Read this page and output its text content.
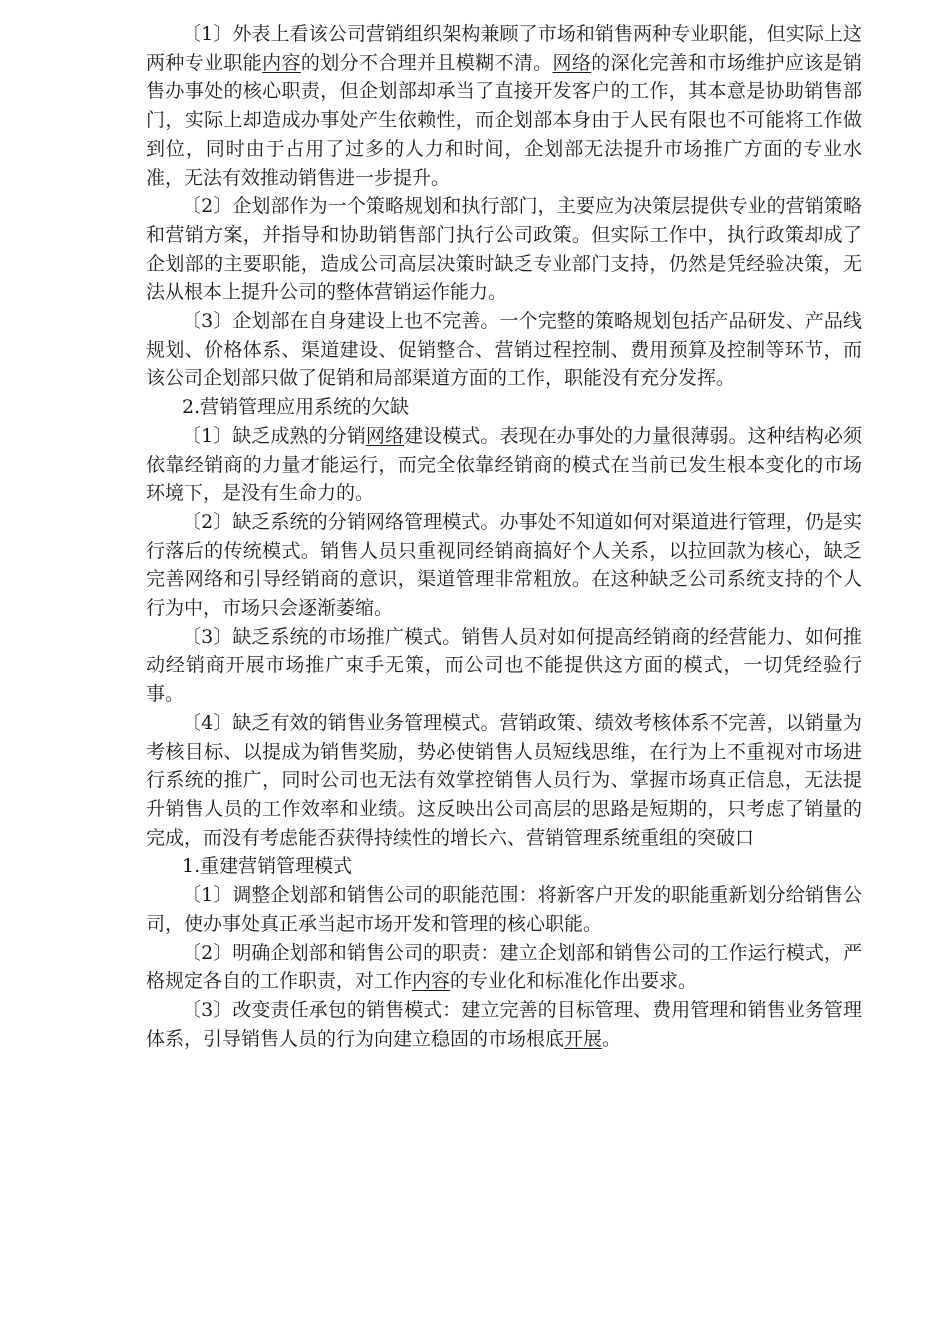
〔1〕外表上看该公司营销组织架构兼顾了市场和销售两种专业职能，但实际上这两种专业职能内容的划分不合理并且模糊不清。网络的深化完善和市场维护应该是销售办事处的核心职责，但企划部却承当了直接开发客户的工作，其本意是协助销售部门，实际上却造成办事处产生依赖性，而企划部本身由于人民有限也不可能将工作做到位，同时由于占用了过多的人力和时间，企划部无法提升市场推广方面的专业水准，无法有效推动销售进一步提升。

〔2〕企划部作为一个策略规划和执行部门，主要应为决策层提供专业的营销策略和营销方案，并指导和协助销售部门执行公司政策。但实际工作中，执行政策却成了企划部的主要职能，造成公司高层决策时缺乏专业部门支持，仍然是凭经验决策，无法从根本上提升公司的整体营销运作能力。

〔3〕企划部在自身建设上也不完善。一个完整的策略规划包括产品研发、产品线规划、价格体系、渠道建设、促销整合、营销过程控制、费用预算及控制等环节，而该公司企划部只做了促销和局部渠道方面的工作，职能没有充分发挥。

2.营销管理应用系统的欠缺

〔1〕缺乏成熟的分销网络建设模式。表现在办事处的力量很薄弱。这种结构必须依靠经销商的力量才能运行，而完全依靠经销商的模式在当前已发生根本变化的市场环境下，是没有生命力的。

〔2〕缺乏系统的分销网络管理模式。办事处不知道如何对渠道进行管理，仍是实行落后的传统模式。销售人员只重视同经销商搞好个人关系，以拉回款为核心，缺乏完善网络和引导经销商的意识，渠道管理非常粗放。在这种缺乏公司系统支持的个人行为中，市场只会逐渐萎缩。

〔3〕缺乏系统的市场推广模式。销售人员对如何提高经销商的经营能力、如何推动经销商开展市场推广束手无策，而公司也不能提供这方面的模式，一切凭经验行事。

〔4〕缺乏有效的销售业务管理模式。营销政策、绩效考核体系不完善，以销量为考核目标、以提成为销售奖励，势必使销售人员短线思维，在行为上不重视对市场进行系统的推广，同时公司也无法有效掌控销售人员行为、掌握市场真正信息，无法提升销售人员的工作效率和业绩。这反映出公司高层的思路是短期的，只考虑了销量的完成，而没有考虑能否获得持续性的增长六、营销管理系统重组的突破口

1.重建营销管理模式

〔1〕调整企划部和销售公司的职能范围：将新客户开发的职能重新划分给销售公司，使办事处真正承当起市场开发和管理的核心职能。

〔2〕明确企划部和销售公司的职责：建立企划部和销售公司的工作运行模式，严格规定各自的工作职责，对工作内容的专业化和标准化作出要求。

〔3〕改变责任承包的销售模式：建立完善的目标管理、费用管理和销售业务管理体系，引导销售人员的行为向建立稳固的市场根底开展。
